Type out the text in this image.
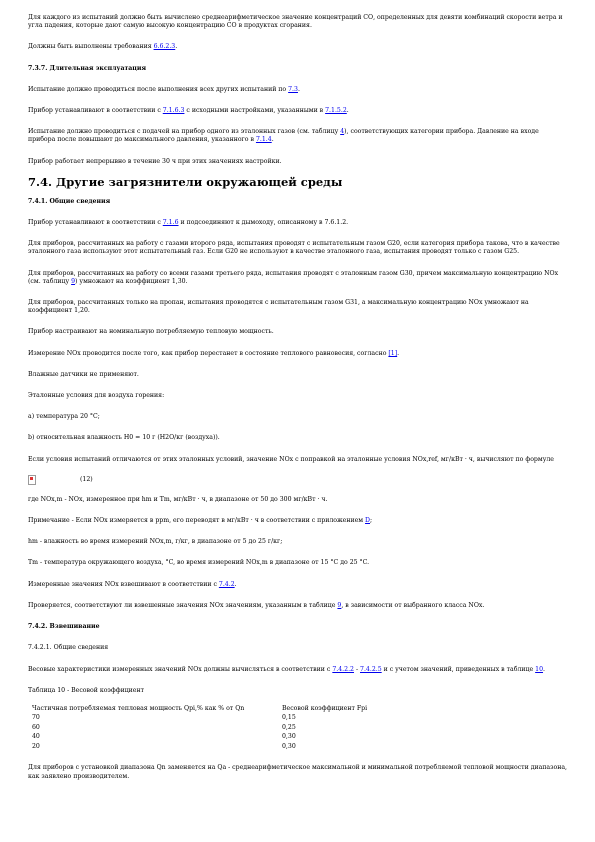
Для каждого из испытаний должно быть вычислено среднеарифметическое значение концентраций СО, определенных для девяти комбинаций скорости ветра и угла падения, которые дают самую высокую концентрацию СО в продуктах сгорания.

Должны быть выполнены требования 6.6.2.3.

7.3.7. Длительная эксплуатация

Испытание должно проводиться после выполнения всех других испытаний по 7.3.

Прибор устанавливают в соответствии с 7.1.6.3 с исходными настройками, указанными в 7.1.5.2.

Испытание должно проводиться с подачей на прибор одного из эталонных газов (см. таблицу 4), соответствующих категории прибора. Давление на входе прибора после повышают до максимального давления, указанного в 7.1.4.

Прибор работает непрерывно в течение 30 ч при этих значениях настройки.

7.4. Другие загрязнители окружающей среды

7.4.1. Общие сведения

Прибор устанавливают в соответствии с 7.1.6 и подсоединяют к дымоходу, описанному в 7.6.1.2.

Для приборов, рассчитанных на работу с газами второго ряда, испытания проводят с испытательным газом G20, если категория прибора такова, что в качестве эталонного газа используют этот испытательный газ. Если G20 не используют в качестве эталонного газа, испытания проводят только с газом G25.

Для приборов, рассчитанных на работу со всеми газами третьего ряда, испытания проводят с эталонным газом G30, причем максимальную концентрацию NOx (см. таблицу 9) умножают на коэффициент 1,30.

Для приборов, рассчитанных только на пропан, испытания проводятся с испытательным газом G31, а максимальную концентрацию NOx умножают на коэффициент 1,20.

Прибор настраивают на номинальную потребляемую тепловую мощность.

Измерение NOx проводится после того, как прибор перестанет в состояние теплового равновесия, согласно [1].

Влажные датчики не применяют.

Эталонные условия для воздуха горения:

а) температура 20 °C;

b) относительная влажность Н0 = 10 г (Н2О/кг (воздуха)).

Если условия испытаний отличаются от этих эталонных условий, значение NOx с поправкой на эталонные условия NOx,ref, мг/кВт · ч, вычисляют по формуле

(12)

где NOx,m - NOx, измеренное при hm и Tm, мг/кВт · ч, в диапазоне от 50 до 300 мг/кВт · ч.

Примечание - Если NOx измеряется в ppm, его переводят в мг/кВт · ч в соответствии с приложением D;

hm - влажность во время измерений NOx,m, г/кг, в диапазоне от 5 до 25 г/кг;

Tm - температура окружающего воздуха, °C, во время измерений NOx,m в диапазоне от 15 °C до 25 °C.

Измеренные значения NOx взвешивают в соответствии с 7.4.2.

Проверяется, соответствуют ли взвешенные значения NOx значениям, указанным в таблице 9, в зависимости от выбранного класса NOx.

7.4.2. Взвешивание

7.4.2.1. Общие сведения

Весовые характеристики измеренных значений NOx должны вычисляться в соответствии с 7.4.2.2 - 7.4.2.5 и с учетом значений, приведенных в таблице 10.

Таблица 10 - Весовой коэффициент

Частичная потребляемая тепловая мощность Qpi,% как % от Qn	Весовой коэффициент Fpi
70	0,15
60	0,25
40	0,30
20	0,30

Для приборов с установкой диапазона Qn заменяется на Qa - среднеарифметическое максимальной и минимальной потребляемой тепловой мощности диапазона, как заявлено производителем.
